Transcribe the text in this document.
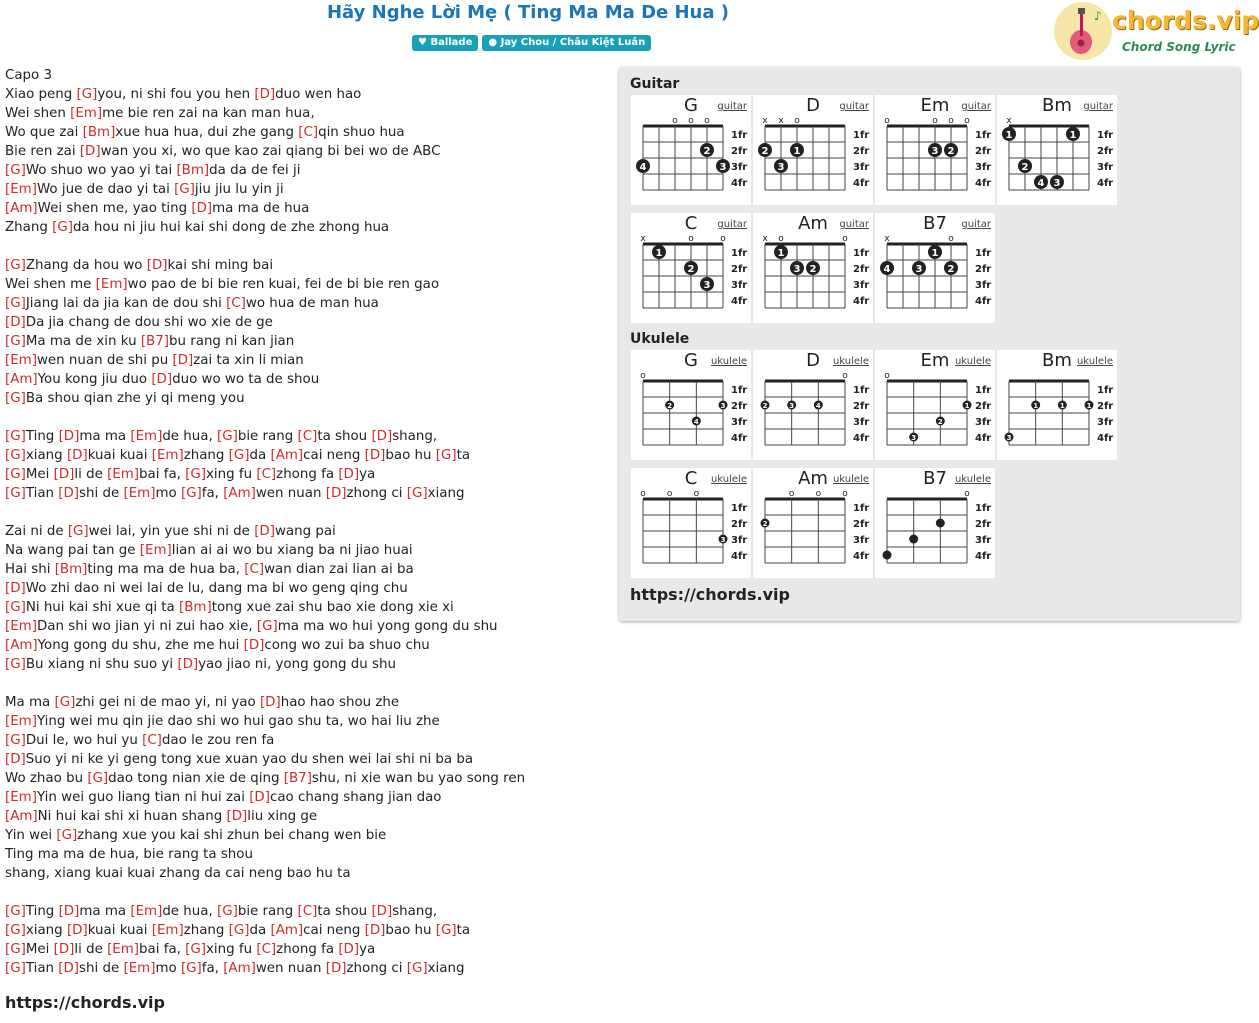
Hãy Nghe Lời Mẹ ( Ting Ma Ma De Hua )
♥ Ballade	● Jay Chou / Châu Kiệt Luân
♪ chords.vip
Chord Song Lyric
Capo 3
Xiao peng [G]you, ni shi fou you hen [D]duo wen hao
Wei shen [Em]me bie ren zai na kan man hua,
Wo que zai [Bm]xue hua hua, dui zhe gang [C]qin shuo hua
Bie ren zai [D]wan you xi, wo que kao zai qiang bi bei wo de ABC
[G]Wo shuo wo yao yi tai [Bm]da da de fei ji
[Em]Wo jue de dao yi tai [G]jiu jiu lu yin ji
[Am]Wei shen me, yao ting [D]ma ma de hua
Zhang [G]da hou ni jiu hui kai shi dong de zhe zhong hua
[G]Zhang da hou wo [D]kai shi ming bai
Wei shen me [Em]wo pao de bi bie ren kuai, fei de bi bie ren gao
[G]Jiang lai da jia kan de dou shi [C]wo hua de man hua
[D]Da jia chang de dou shi wo xie de ge
[G]Ma ma de xin ku [B7]bu rang ni kan jian
[Em]wen nuan de shi pu [D]zai ta xin li mian
[Am]You kong jiu duo [D]duo wo wo ta de shou
[G]Ba shou qian zhe yi qi meng you
[G]Ting [D]ma ma [Em]de hua, [G]bie rang [C]ta shou [D]shang,
[G]xiang [D]kuai kuai [Em]zhang [G]da [Am]cai neng [D]bao hu [G]ta
[G]Mei [D]li de [Em]bai fa, [G]xing fu [C]zhong fa [D]ya
[G]Tian [D]shi de [Em]mo [G]fa, [Am]wen nuan [D]zhong ci [G]xiang
Zai ni de [G]wei lai, yin yue shi ni de [D]wang pai
Na wang pai tan ge [Em]lian ai ai wo bu xiang ba ni jiao huai
Hai shi [Bm]ting ma ma de hua ba, [C]wan dian zai lian ai ba
[D]Wo zhi dao ni wei lai de lu, dang ma bi wo geng qing chu
[G]Ni hui kai shi xue qi ta [Bm]tong xue zai shu bao xie dong xie xi
[Em]Dan shi wo jian yi ni zui hao xie, [G]ma ma wo hui yong gong du shu
[Am]Yong gong du shu, zhe me hui [D]cong wo zui ba shuo chu
[G]Bu xiang ni shu suo yi [D]yao jiao ni, yong gong du shu
Ma ma [G]zhi gei ni de mao yi, ni yao [D]hao hao shou zhe
[Em]Ying wei mu qin jie dao shi wo hui gao shu ta, wo hai liu zhe
[G]Dui le, wo hui yu [C]dao le zou ren fa
[D]Suo yi ni ke yi geng tong xue xuan yao du shen wei lai shi ni ba ba
Wo zhao bu [G]dao tong nian xie de qing [B7]shu, ni xie wan bu yao song ren
[Em]Yin wei guo liang tian ni hui zai [D]cao chang shang jian dao
[Am]Ni hui kai shi xi huan shang [D]liu xing ge
Yin wei [G]zhang xue you kai shi zhun bei chang wen bie
Ting ma ma de hua, bie rang ta shou
shang, xiang kuai kuai zhang da cai neng bao hu ta
[G]Ting [D]ma ma [Em]de hua, [G]bie rang [C]ta shou [D]shang,
[G]xiang [D]kuai kuai [Em]zhang [G]da [Am]cai neng [D]bao hu [G]ta
[G]Mei [D]li de [Em]bai fa, [G]xing fu [C]zhong fa [D]ya
[G]Tian [D]shi de [Em]mo [G]fa, [Am]wen nuan [D]zhong ci [G]xiang
https://chords.vip
Guitar
Ukulele
1fr
2fr
3fr
4fr
o o o
3
2
4
G	guitar
1fr
2fr
3fr
4fr
x x o
1
3
2
D	guitar
1fr
2fr
3fr
4fr
o	o o o
2
3
Em	guitar
1fr
2fr
3fr
4fr
x
1
3
4
2
1
Bm	guitar
1fr
2fr
3fr
4fr
x	o	o
3
2
1
C	guitar
1fr
2fr
3fr
4fr
x o	o
2
3
1
Am	guitar
1fr
2fr
3fr
4fr
x	o
2
1
3
4
B7	guitar
1fr
2fr
3fr
4fr
o
2
4
3
G	ukulele
1fr
2fr
3fr
4fr
o
2	3	4
D	ukulele
1fr
2fr
3fr
4fr
o
3
2
1
Em ukulele
1fr
2fr
3fr
4fr
3
1	1	1
Bm ukulele
1fr
2fr
3fr
4fr
o o o
3
C	ukulele
1fr
2fr
3fr
4fr
o o o
2
Am ukulele
1fr
2fr
3fr
4fr
o
B7 ukulele
https://chords.vip
